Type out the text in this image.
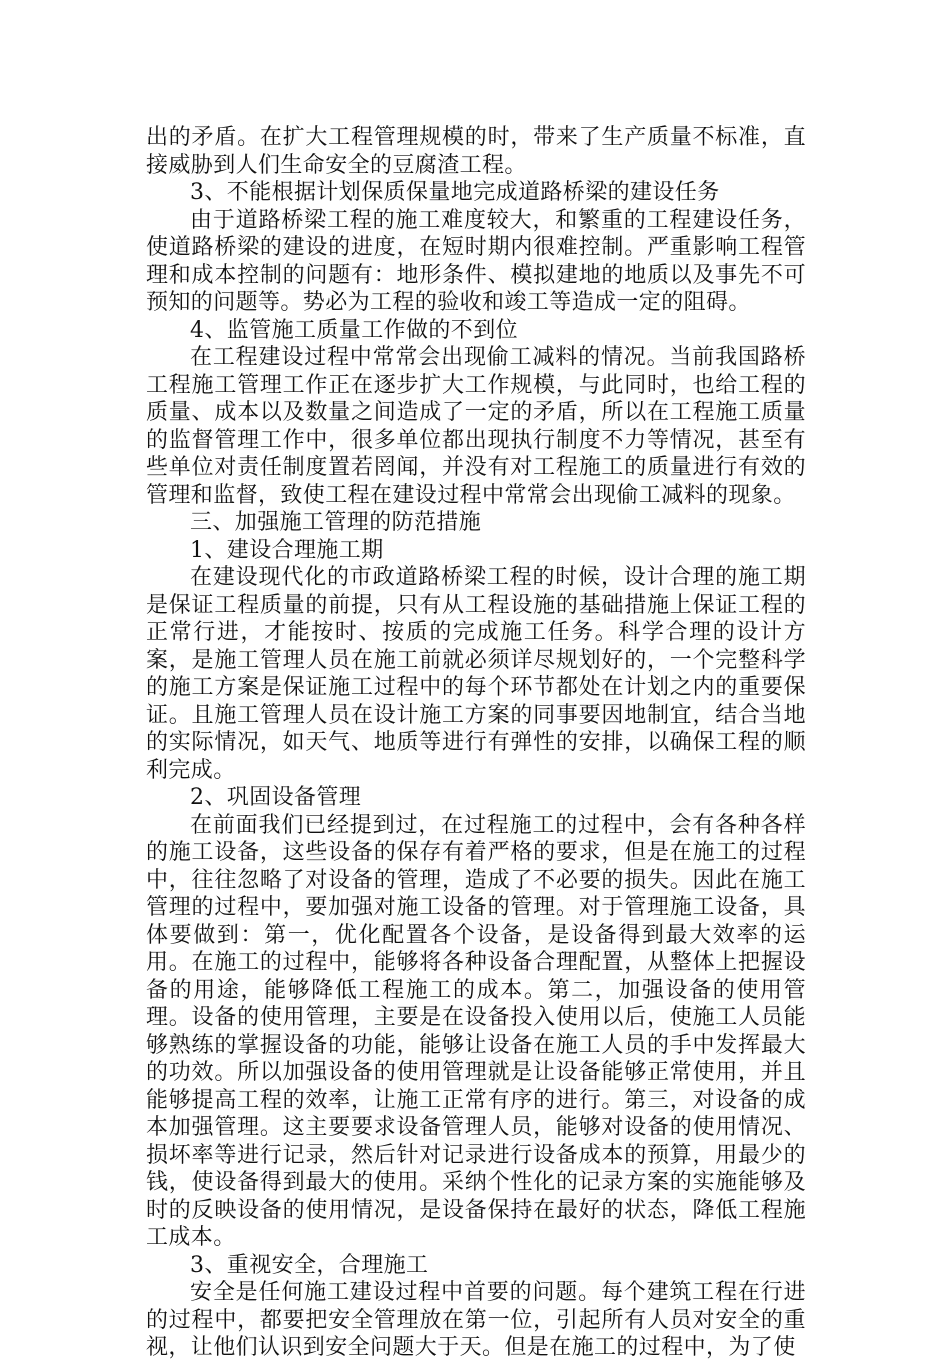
出的矛盾。在扩大工程管理规模的时，带来了生产质量不标准，直接威胁到人们生命安全的豆腐渣工程。

3、不能根据计划保质保量地完成道路桥梁的建设任务

由于道路桥梁工程的施工难度较大，和繁重的工程建设任务，使道路桥梁的建设的进度，在短时期内很难控制。严重影响工程管理和成本控制的问题有：地形条件、模拟建地的地质以及事先不可预知的问题等。势必为工程的验收和竣工等造成一定的阻碍。

4、监管施工质量工作做的不到位

在工程建设过程中常常会出现偷工减料的情况。当前我国路桥工程施工管理工作正在逐步扩大工作规模，与此同时，也给工程的质量、成本以及数量之间造成了一定的矛盾，所以在工程施工质量的监督管理工作中，很多单位都出现执行制度不力等情况，甚至有些单位对责任制度置若罔闻，并没有对工程施工的质量进行有效的管理和监督，致使工程在建设过程中常常会出现偷工减料的现象。

三、加强施工管理的防范措施

1、建设合理施工期

在建设现代化的市政道路桥梁工程的时候，设计合理的施工期是保证工程质量的前提，只有从工程设施的基础措施上保证工程的正常行进，才能按时、按质的完成施工任务。科学合理的设计方案，是施工管理人员在施工前就必须详尽规划好的，一个完整科学的施工方案是保证施工过程中的每个环节都处在计划之内的重要保证。且施工管理人员在设计施工方案的同事要因地制宜，结合当地的实际情况，如天气、地质等进行有弹性的安排，以确保工程的顺利完成。

2、巩固设备管理

在前面我们已经提到过，在过程施工的过程中，会有各种各样的施工设备，这些设备的保存有着严格的要求，但是在施工的过程中，往往忽略了对设备的管理，造成了不必要的损失。因此在施工管理的过程中，要加强对施工设备的管理。对于管理施工设备，具体要做到：第一，优化配置各个设备，是设备得到最大效率的运用。在施工的过程中，能够将各种设备合理配置，从整体上把握设备的用途，能够降低工程施工的成本。第二，加强设备的使用管理。设备的使用管理，主要是在设备投入使用以后，使施工人员能够熟练的掌握设备的功能，能够让设备在施工人员的手中发挥最大的功效。所以加强设备的使用管理就是让设备能够正常使用，并且能够提高工程的效率，让施工正常有序的进行。第三，对设备的成本加强管理。这主要要求设备管理人员，能够对设备的使用情况、损坏率等进行记录，然后针对记录进行设备成本的预算，用最少的钱，使设备得到最大的使用。采纳个性化的记录方案的实施能够及时的反映设备的使用情况，是设备保持在最好的状态，降低工程施工成本。

3、重视安全，合理施工

安全是任何施工建设过程中首要的问题。每个建筑工程在行进的过程中，都要把安全管理放在第一位，引起所有人员对安全的重视，让他们认识到安全问题大于天。但是在施工的过程中，为了使
